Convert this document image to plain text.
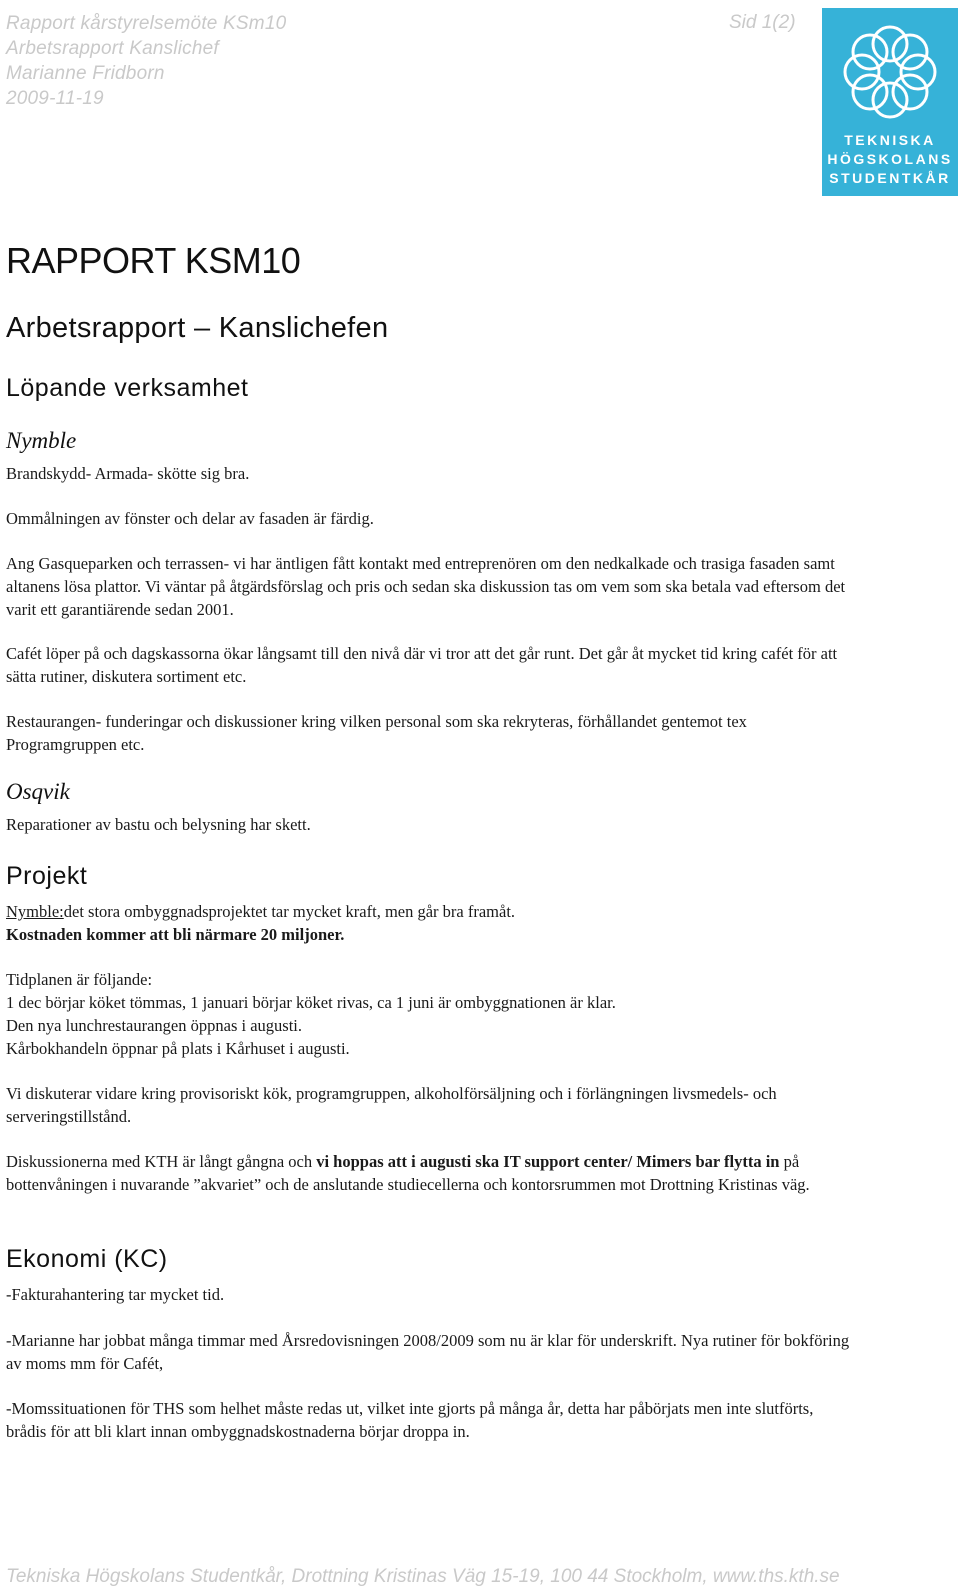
Rapport kårstyrelsemöte KSm10
Arbetsrapport Kanslichef
Marianne Fridborn
2009-11-19
Sid 1(2)
TEKNISKA
HÖGSKOLANS
STUDENTKÅR
RAPPORT KSM10
Arbetsrapport – Kanslichefen
Löpande verksamhet
Nymble
Brandskydd- Armada- skötte sig bra.
Ommålningen av fönster och delar av fasaden är färdig.
Ang Gasqueparken och terrassen- vi har äntligen fått kontakt med entreprenören om den nedkalkade och trasiga fasaden samt altanens lösa plattor. Vi väntar på åtgärdsförslag och pris och sedan ska diskussion tas om vem som ska betala vad eftersom det varit ett garantiärende sedan 2001.
Cafét löper på och dagskassorna ökar långsamt till den nivå där vi tror att det går runt. Det går åt mycket tid kring cafét för att sätta rutiner, diskutera sortiment etc.
Restaurangen- funderingar och diskussioner kring vilken personal som ska rekryteras, förhållandet gentemot tex Programgruppen etc.
Osqvik
Reparationer av bastu och belysning har skett.
Projekt
Nymble:det stora ombyggnadsprojektet tar mycket kraft, men går bra framåt.
Kostnaden kommer att bli närmare 20 miljoner.
Tidplanen är följande:
1 dec börjar köket tömmas, 1 januari börjar köket rivas, ca 1 juni är ombyggnationen är klar.
Den nya lunchrestaurangen öppnas i augusti.
Kårbokhandeln öppnar på plats i Kårhuset i augusti.
Vi diskuterar vidare kring provisoriskt kök, programgruppen, alkoholförsäljning och i förlängningen livsmedels- och serveringstillstånd.
Diskussionerna med KTH är långt gångna och vi hoppas att i augusti ska IT support center/ Mimers bar flytta in på bottenvåningen i nuvarande ”akvariet” och de anslutande studiecellerna och kontorsrummen mot Drottning Kristinas väg.
Ekonomi (KC)
-Fakturahantering tar mycket tid.
-Marianne har jobbat många timmar med Årsredovisningen 2008/2009 som nu är klar för underskrift. Nya rutiner för bokföring av moms mm för Cafét,
-Momssituationen för THS som helhet måste redas ut, vilket inte gjorts på många år, detta har påbörjats men inte slutförts, brådis för att bli klart innan ombyggnadskostnaderna börjar droppa in.
Tekniska Högskolans Studentkår, Drottning Kristinas Väg 15-19, 100 44 Stockholm, www.ths.kth.se
